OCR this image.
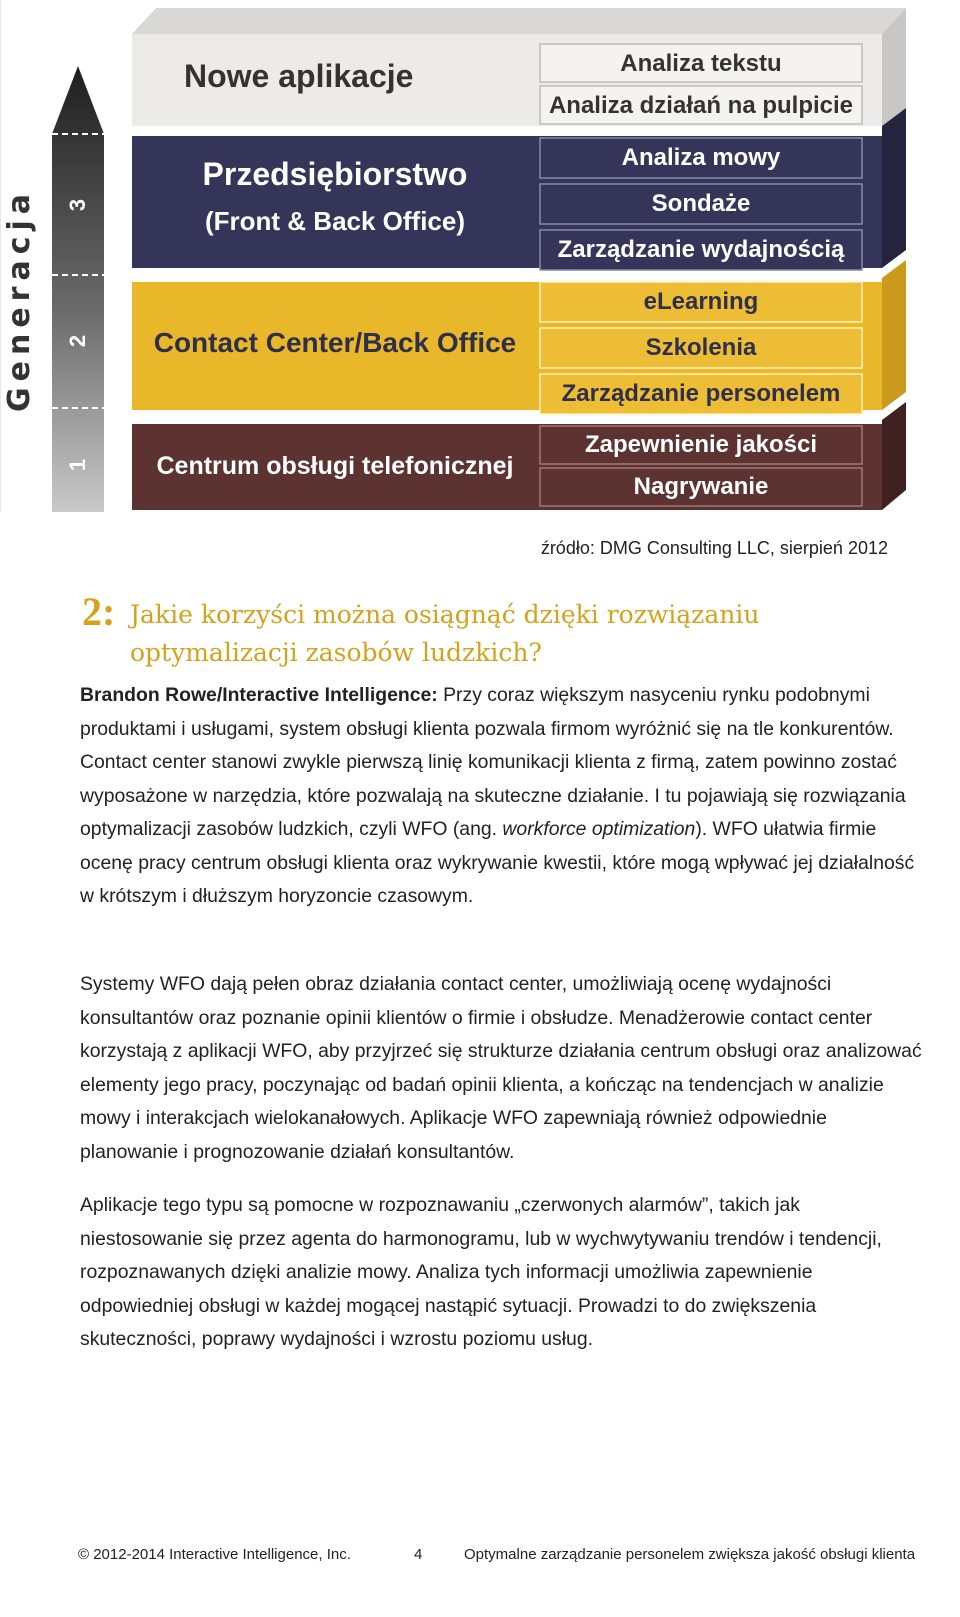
Generacja
1
2
3
Nowe aplikacje
Przedsiębiorstwo
(Front & Back Office)
Contact Center/Back Office
Centrum obsługi telefonicznej
Analiza tekstu
Analiza działań na pulpicie
Analiza mowy
Sondaże
Zarządzanie wydajnością
eLearning
Szkolenia
Zarządzanie personelem
Zapewnienie jakości
Nagrywanie
źródło: DMG Consulting LLC, sierpień 2012
2: Jakie korzyści można osiągnąć dzięki rozwiązaniu optymalizacji zasobów ludzkich?
Brandon Rowe/Interactive Intelligence: Przy coraz większym nasyceniu rynku podobnymi produktami i usługami, system obsługi klienta pozwala firmom wyróżnić się na tle konkurentów. Contact center stanowi zwykle pierwszą linię komunikacji klienta z firmą, zatem powinno zostać wyposażone w narzędzia, które pozwalają na skuteczne działanie. I tu pojawiają się rozwiązania optymalizacji zasobów ludzkich, czyli WFO (ang. workforce optimization). WFO ułatwia firmie ocenę pracy centrum obsługi klienta oraz wykrywanie kwestii, które mogą wpływać jej działalność w krótszym i dłuższym horyzoncie czasowym.
Systemy WFO dają pełen obraz działania contact center, umożliwiają ocenę wydajności konsultantów oraz poznanie opinii klientów o firmie i obsłudze. Menadżerowie contact center korzystają z aplikacji WFO, aby przyjrzeć się strukturze działania centrum obsługi oraz analizować elementy jego pracy, poczynając od badań opinii klienta, a kończąc na tendencjach w analizie mowy i interakcjach wielokanałowych. Aplikacje WFO zapewniają również odpowiednie planowanie i prognozowanie działań konsultantów.
Aplikacje tego typu są pomocne w rozpoznawaniu „czerwonych alarmów”, takich jak niestosowanie się przez agenta do harmonogramu, lub w wychwytywaniu trendów i tendencji, rozpoznawanych dzięki analizie mowy. Analiza tych informacji umożliwia zapewnienie odpowiedniej obsługi w każdej mogącej nastąpić sytuacji. Prowadzi to do zwiększenia skuteczności, poprawy wydajności i wzrostu poziomu usług.
© 2012-2014 Interactive Intelligence, Inc.	4	Optymalne zarządzanie personelem zwiększa jakość obsługi klienta
